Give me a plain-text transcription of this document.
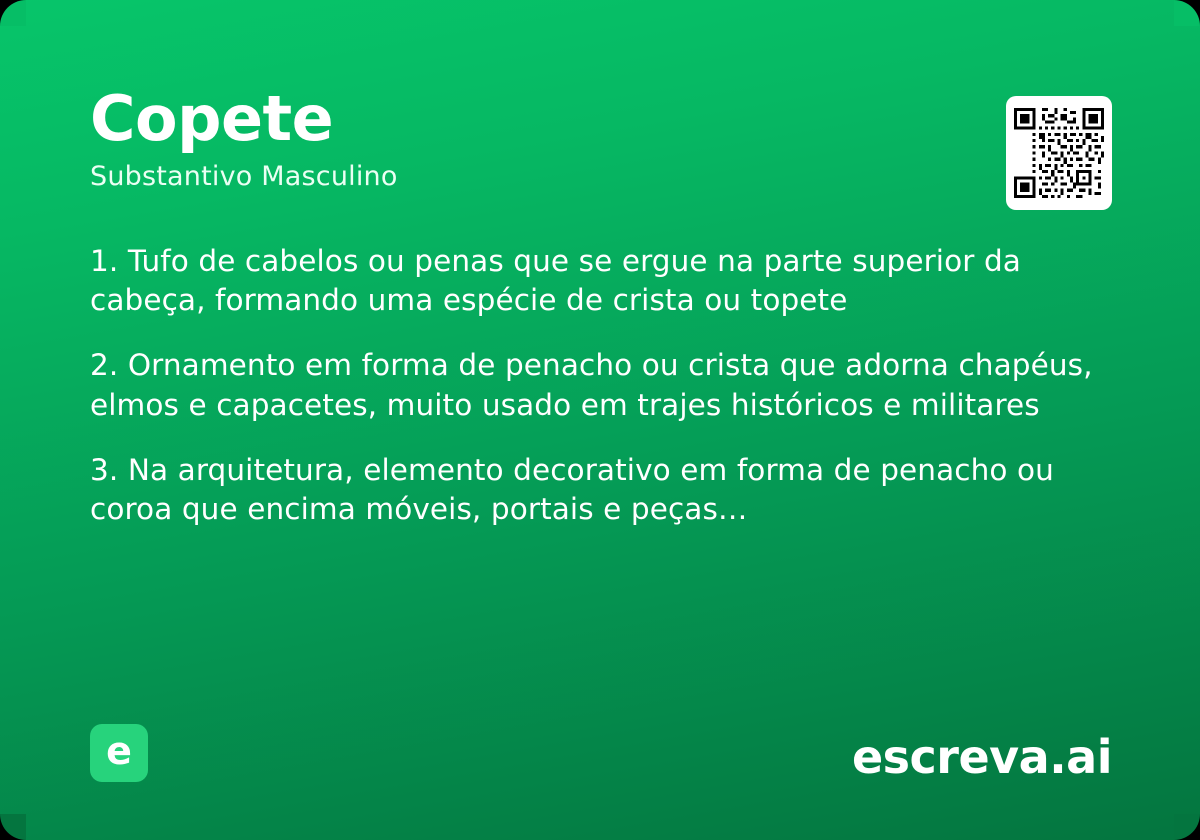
Copete
Substantivo Masculino

1. Tufo de cabelos ou penas que se ergue na parte superior da cabeça, formando uma espécie de crista ou topete

2. Ornamento em forma de penacho ou crista que adorna chapéus, elmos e capacetes, muito usado em trajes históricos e militares

3. Na arquitetura, elemento decorativo em forma de penacho ou coroa que encima móveis, portais e peças…

e	escreva.ai
